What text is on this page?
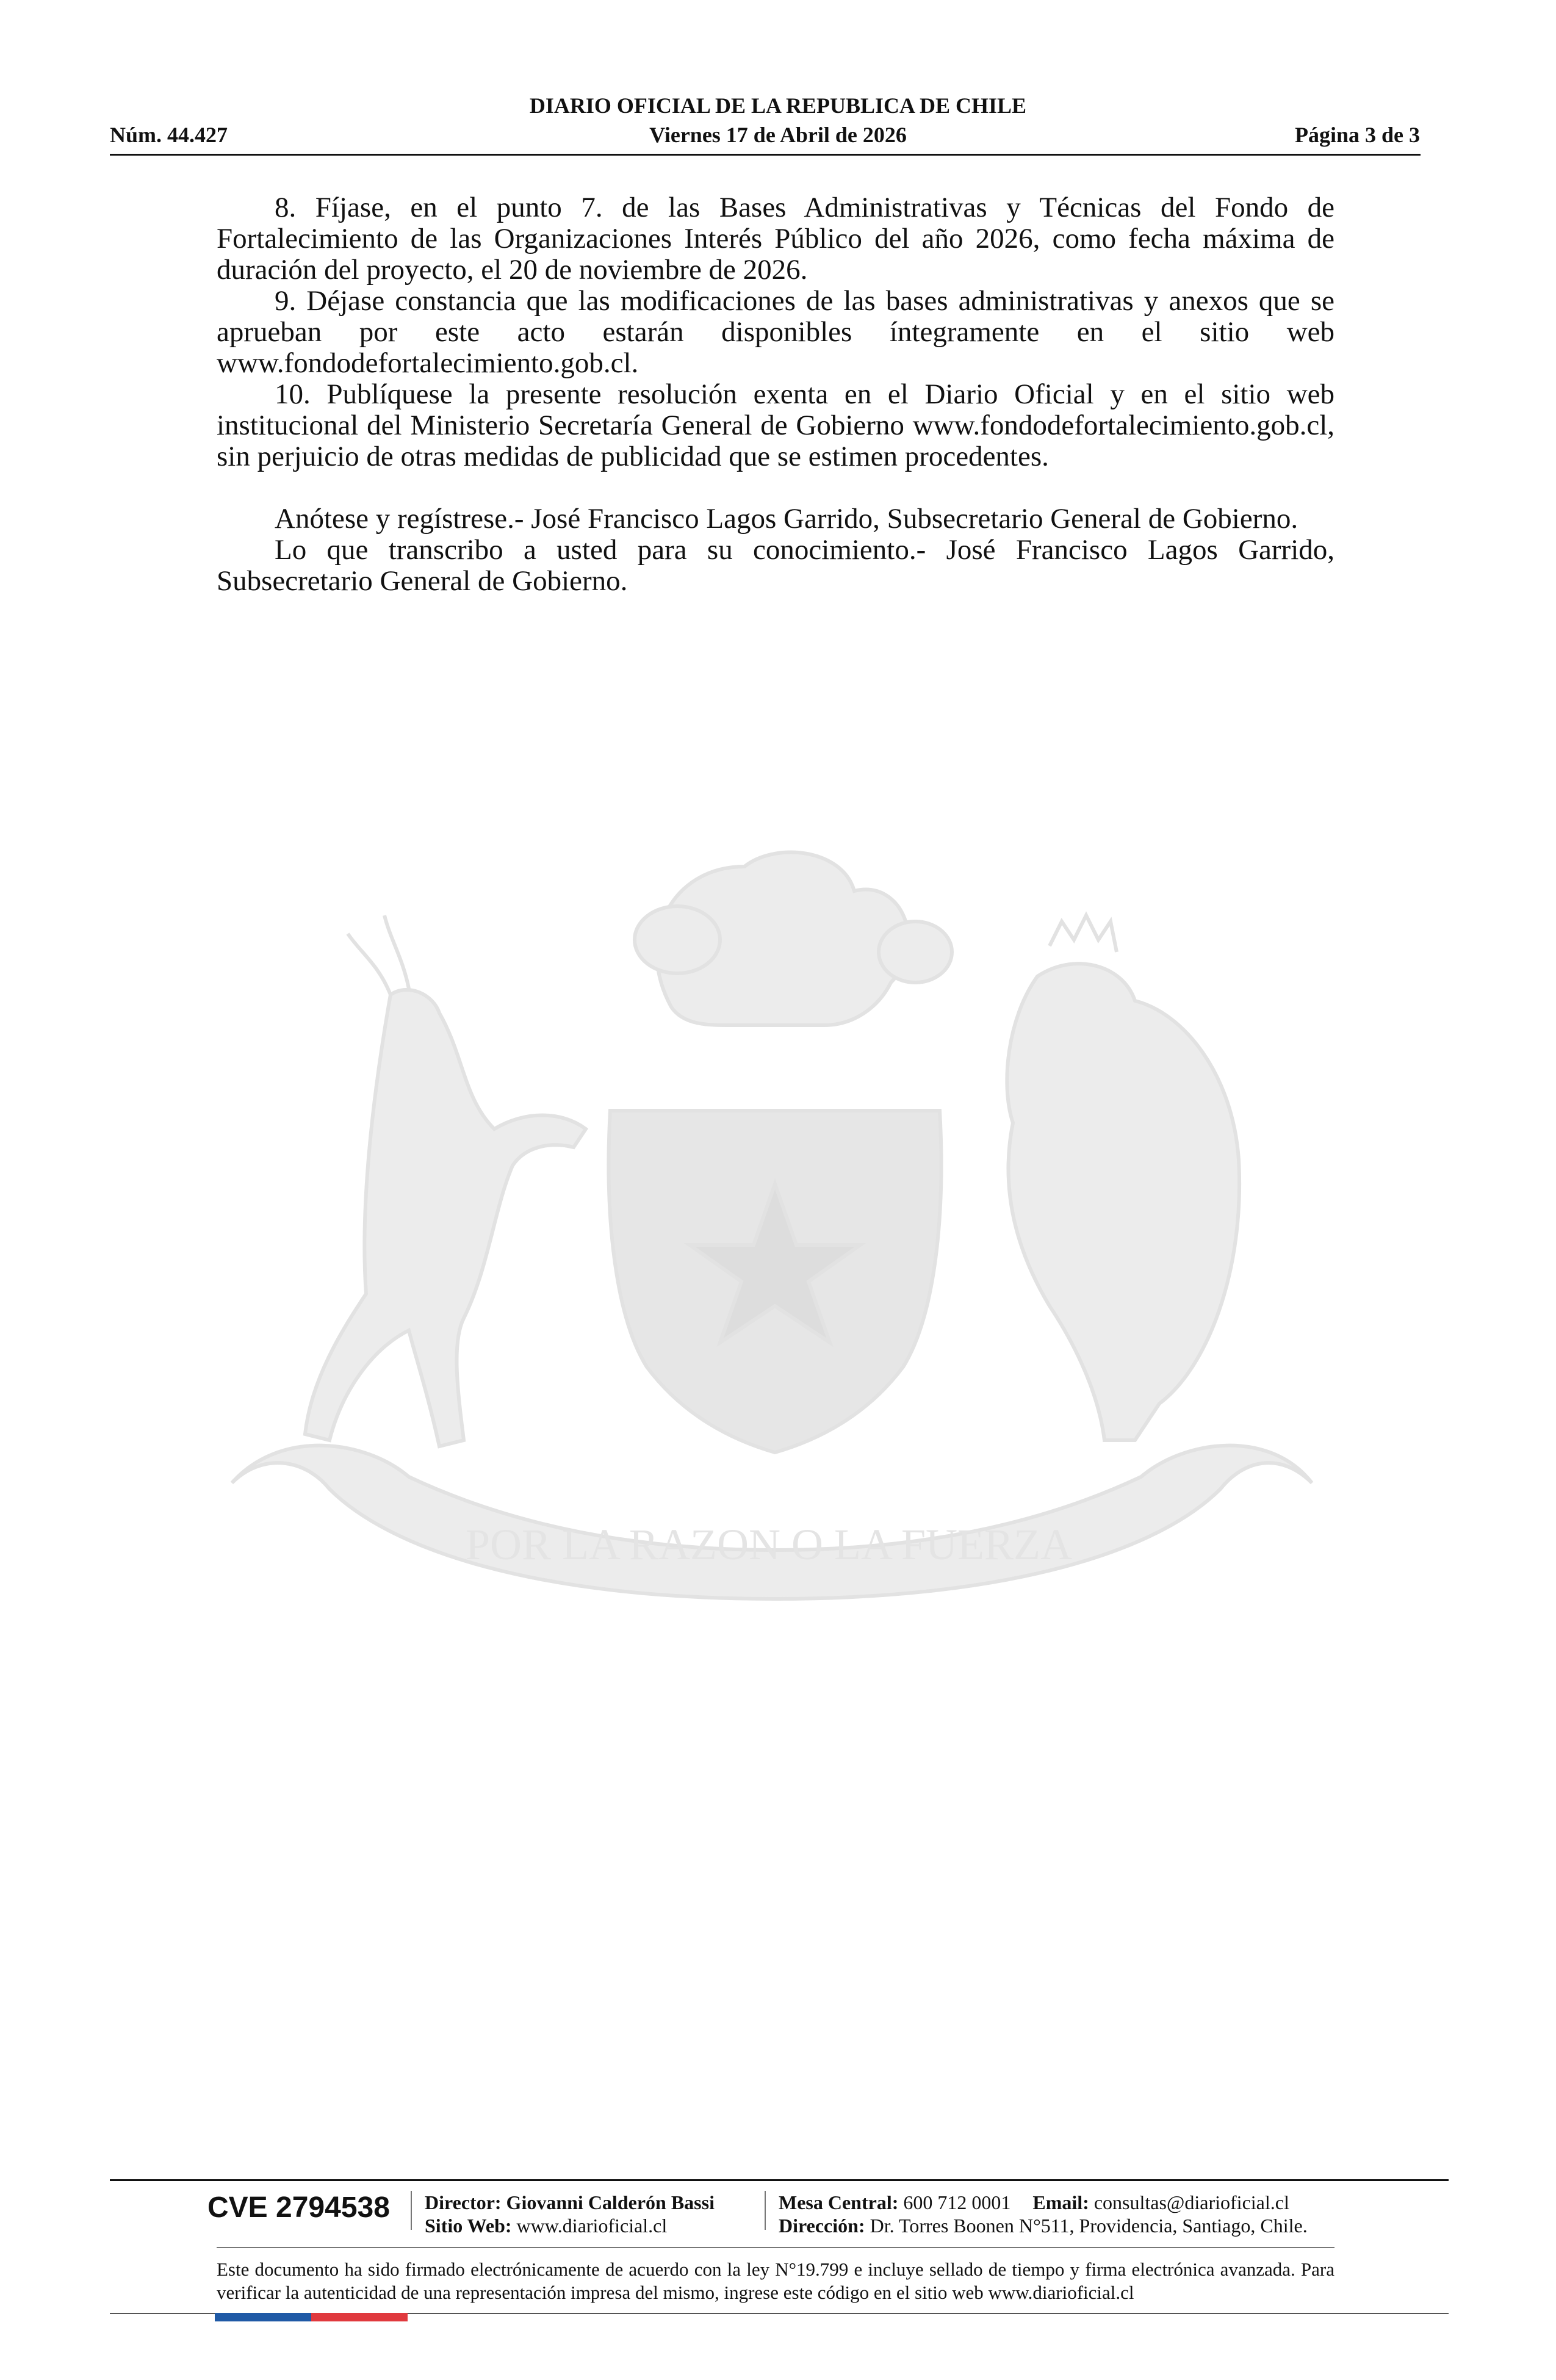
DIARIO OFICIAL DE LA REPUBLICA DE CHILE
Núm. 44.427	Viernes 17 de Abril de 2026	Página 3 de 3

8. Fíjase, en el punto 7. de las Bases Administrativas y Técnicas del Fondo de Fortalecimiento de las Organizaciones Interés Público del año 2026, como fecha máxima de duración del proyecto, el 20 de noviembre de 2026.

9. Déjase constancia que las modificaciones de las bases administrativas y anexos que se aprueban por este acto estarán disponibles íntegramente en el sitio web www.fondodefortalecimiento.gob.cl.

10. Publíquese la presente resolución exenta en el Diario Oficial y en el sitio web institucional del Ministerio Secretaría General de Gobierno www.fondodefortalecimiento.gob.cl, sin perjuicio de otras medidas de publicidad que se estimen procedentes.

Anótese y regístrese.- José Francisco Lagos Garrido, Subsecretario General de Gobierno.

Lo que transcribo a usted para su conocimiento.- José Francisco Lagos Garrido, Subsecretario General de Gobierno.

POR LA RAZON O LA FUERZA
CVE 2794538 Director: Giovanni Calderón Bassi
Sitio Web: www.diarioficial.cl
Mesa Central: 600 712 0001 Email: consultas@diarioficial.cl
Dirección: Dr. Torres Boonen N°511, Providencia, Santiago, Chile.
Este documento ha sido firmado electrónicamente de acuerdo con la ley N°19.799 e incluye sellado de tiempo y firma electrónica avanzada. Para verificar la autenticidad de una representación impresa del mismo, ingrese este código en el sitio web www.diarioficial.cl
